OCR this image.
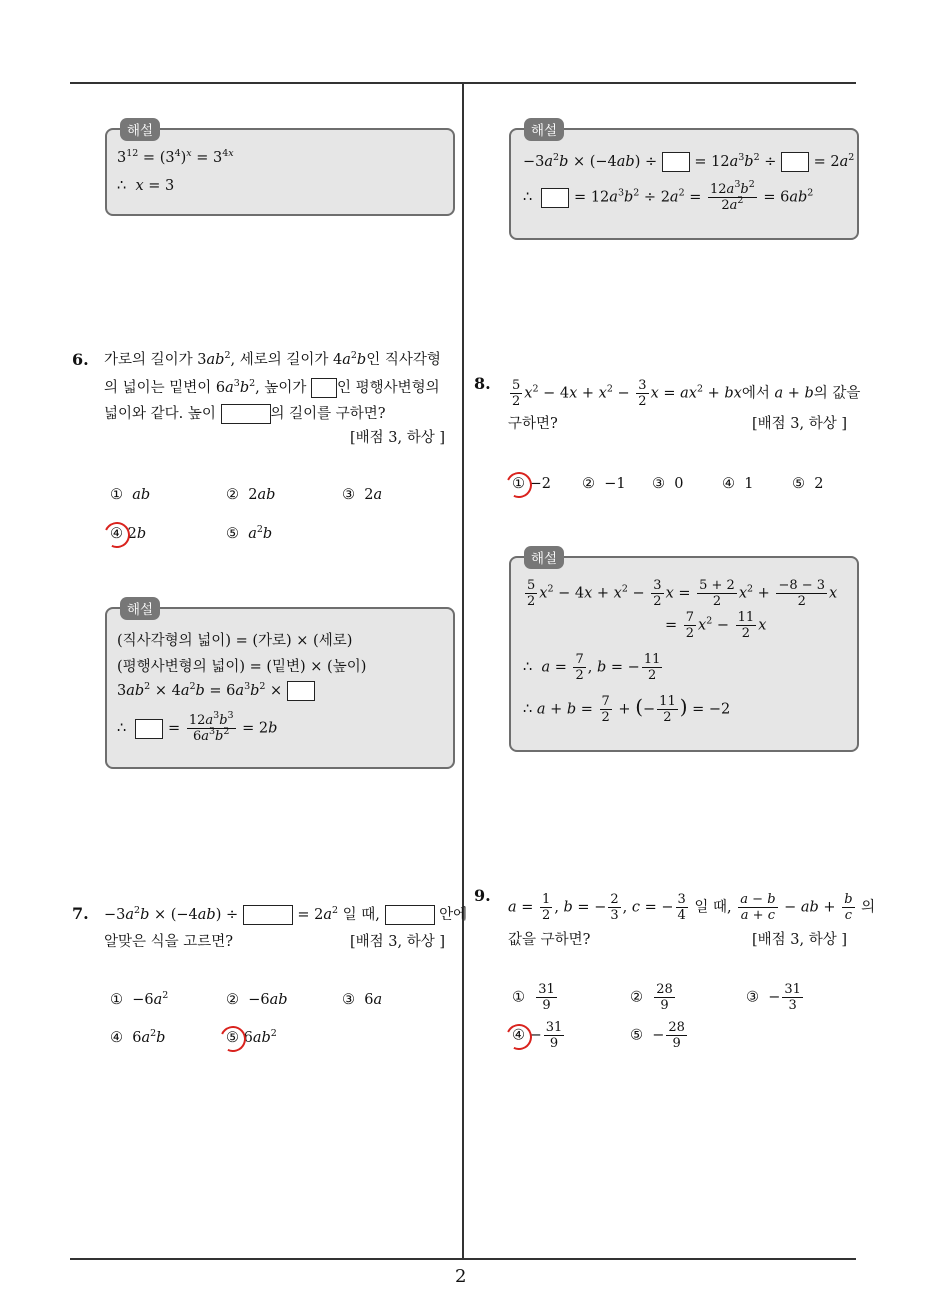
2
해설
$3^{12} = (3^4)^x = 3^{4x}$
∴  x = 3
해설
$-3a^2b \times (-4ab)$ ÷  = $12a^3b^2$ ÷  = $2a^2$
∴   = $12a^3b^2 \div 2a^2 = \frac{12a^3b^2}{2a^2} = 6ab^2$
6. 가로의 길이가 $3ab^2$, 세로의 길이가 $4a^2b$인 직사각형
의 넓이는 밑변이 $6a^3b^2$, 높이가 인 평행사변형의
넓이와 같다. 높이	의 길이를 구하면?
[배점 3, 하상 ]
① ab	②  2ab	③  2a
④ 2b	⑤ $a^2b$
해설
(직사각형의 넓이) = (가로) × (세로)
(평행사변형의 넓이) = (밑변) × (높이)
$3ab^2 \times 4a^2b = 6a^3b^2$ ×
∴   = $\frac{12a^3b^3}{6a^3b^2} = 2b$
7. $-3a^2b \times (-4ab)$ ÷	= $2a^2$ 일 때,	안에
알맞은 식을 고르면?	[배점 3, 하상 ]
①  $-6a^2$	②  −6ab	③  6a
④  $6a^2b$	⑤ $6ab^2$
8. $\frac{5}{2} x^2 - 4x + x^2 - \frac{3}{2}$ $x = ax^2$ + bx에서 a + b의 값을
구하면?	[배점 3, 하상 ]
① −2 ② −1 ③ 0	④ 1	⑤ 2
해설
$\frac{5}{2} x^2 - 4x + x^2 - \frac{3}{2}$ $x = \frac{5 + 2}{2} x^2 + \frac{-8 - 3}{2}$ x
= $\frac{7}{2} x^2 - \frac{11}{2}$ x
∴  $a = \frac{7}{2}$ , b = − $\frac{11}{2}$
∴ $a + b = \frac{7}{2}$ + (− $\frac{11}{2}$ ) = −2
9.
$a = \frac{1}{2}$ , b = − $\frac{2}{3}$ , c = − $\frac{3}{4}$ 일 때, $\frac{a - b}{a + c}$ − ab + $\frac{b}{c}$ 의
값을 구하면?	[배점 3, 하상 ]
① $\frac{31}{9}$	② $\frac{28}{9}$	③  − $\frac{31}{3}$
④ − $\frac{31}{9}$	⑤  − $\frac{28}{9}$
